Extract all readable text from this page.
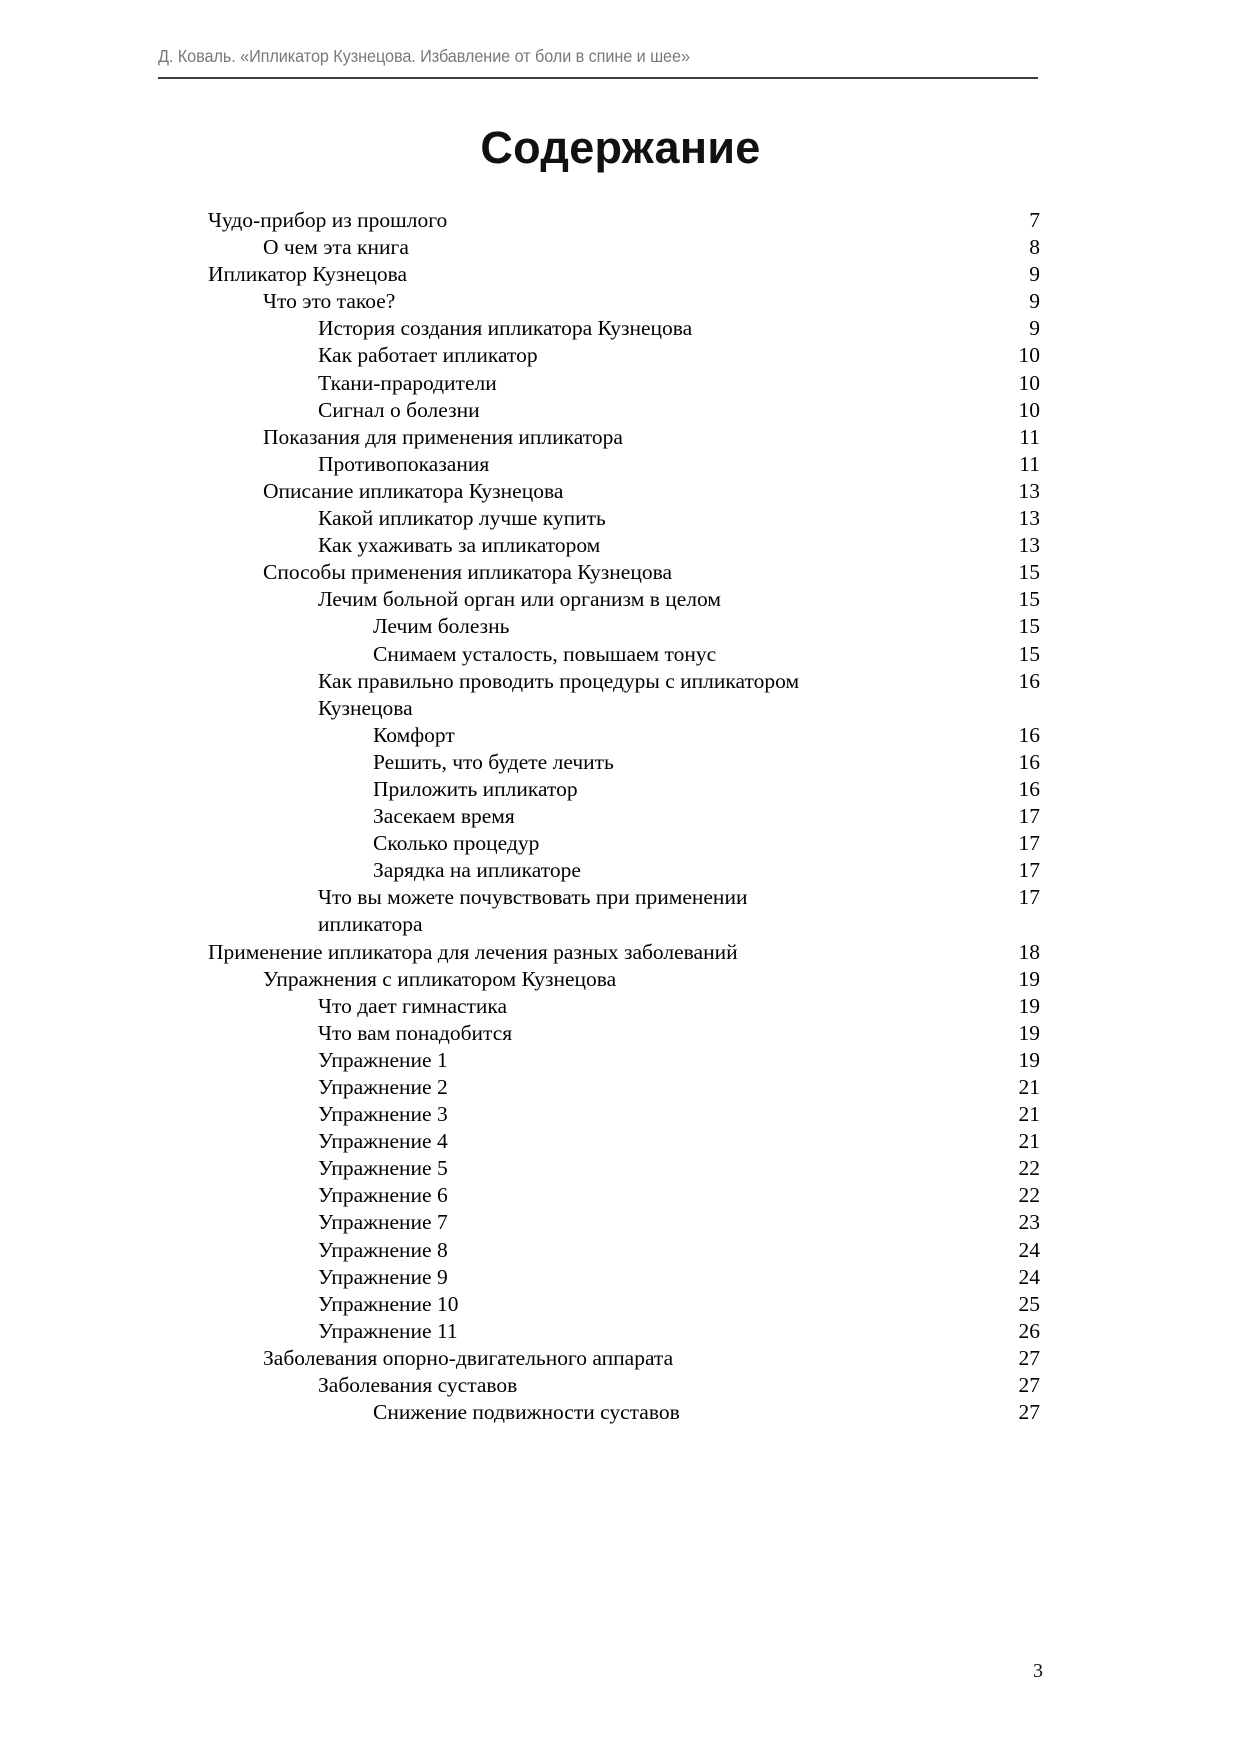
Д. Коваль. «Ипликатор Кузнецова. Избавление от боли в спине и шее»
Содержание
Чудо-прибор из прошлого	7
О чем эта книга	8
Ипликатор Кузнецова	9
Что это такое?	9
История создания ипликатора Кузнецова	9
Как работает ипликатор	10
Ткани-прародители	10
Сигнал о болезни	10
Показания для применения ипликатора	11
Противопоказания	11
Описание ипликатора Кузнецова	13
Какой ипликатор лучше купить	13
Как ухаживать за ипликатором	13
Способы применения ипликатора Кузнецова	15
Лечим больной орган или организм в целом	15
Лечим болезнь	15
Снимаем усталость, повышаем тонус	15
Как правильно проводить процедуры с ипликатором	16
Кузнецова
Комфорт	16
Решить, что будете лечить	16
Приложить ипликатор	16
Засекаем время	17
Сколько процедур	17
Зарядка на ипликаторе	17
Что вы можете почувствовать при применении	17
ипликатора
Применение ипликатора для лечения разных заболеваний	18
Упражнения с ипликатором Кузнецова	19
Что дает гимнастика	19
Что вам понадобится	19
Упражнение 1	19
Упражнение 2	21
Упражнение 3	21
Упражнение 4	21
Упражнение 5	22
Упражнение 6	22
Упражнение 7	23
Упражнение 8	24
Упражнение 9	24
Упражнение 10	25
Упражнение 11	26
Заболевания опорно-двигательного аппарата	27
Заболевания суставов	27
Снижение подвижности суставов	27
3
